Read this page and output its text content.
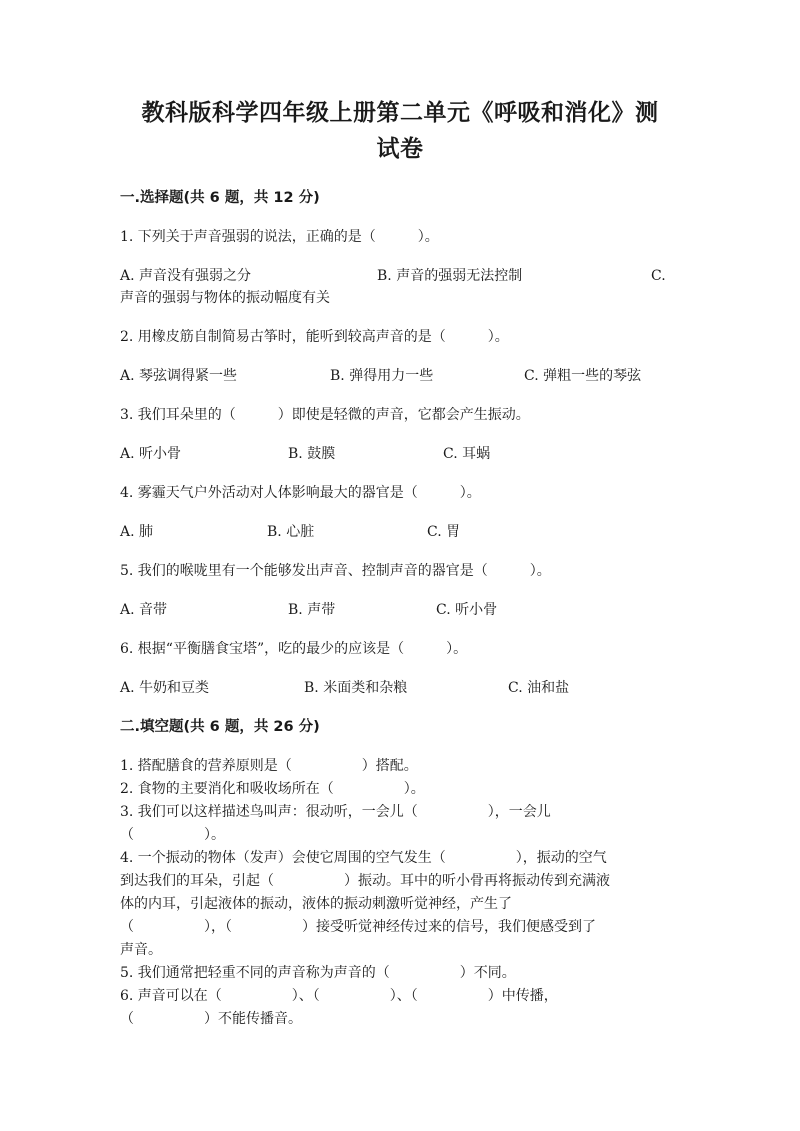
教科版科学四年级上册第二单元《呼吸和消化》测
试卷
一.选择题(共 6 题，共 12 分)
1. 下列关于声音强弱的说法，正确的是（　　　）。
A. 声音没有强弱之分	B. 声音的强弱无法控制	C.
声音的强弱与物体的振动幅度有关
2. 用橡皮筋自制简易古筝时，能听到较高声音的是（　　　）。
A. 琴弦调得紧一些	B. 弹得用力一些	C. 弹粗一些的琴弦
3. 我们耳朵里的（　　　）即使是轻微的声音，它都会产生振动。
A. 听小骨	B. 鼓膜	C. 耳蜗
4. 雾霾天气户外活动对人体影响最大的器官是（　　　）。
A. 肺	B. 心脏	C. 胃
5. 我们的喉咙里有一个能够发出声音、控制声音的器官是（　　　）。
A. 音带	B. 声带	C. 听小骨
6. 根据“平衡膳食宝塔”，吃的最少的应该是（　　　）。
A. 牛奶和豆类	B. 米面类和杂粮	C. 油和盐
二.填空题(共 6 题，共 26 分)

1. 搭配膳食的营养原则是（　　　　　）搭配。

2. 食物的主要消化和吸收场所在（　　　　　）。

3. 我们可以这样描述鸟叫声：很动听，一会儿（　　　　　），一会儿

（　　　　　）。

4. 一个振动的物体（发声）会使它周围的空气发生（　　　　　），振动的空气

到达我们的耳朵，引起（　　　　　）振动。耳中的听小骨再将振动传到充满液

体的内耳，引起液体的振动，液体的振动刺激听觉神经，产生了

（　　　　　），（　　　　　）接受听觉神经传过来的信号，我们便感受到了

声音。

5. 我们通常把轻重不同的声音称为声音的（　　　　　）不同。

6. 声音可以在（　　　　　）、（　　　　　）、（　　　　　）中传播，

（　　　　　）不能传播音。
